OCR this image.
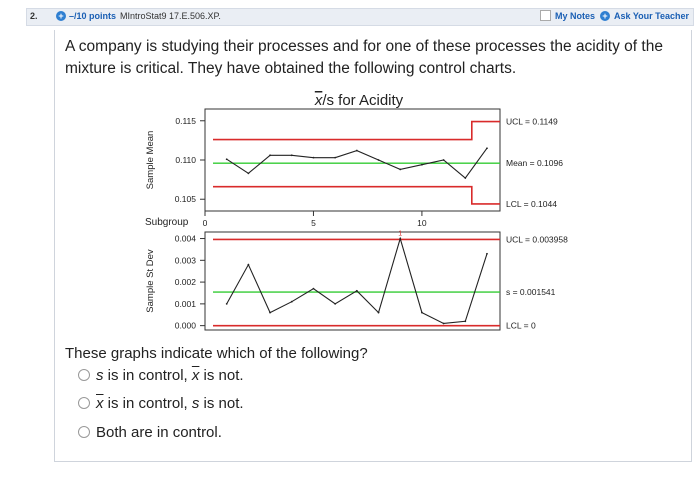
2. + –/10 points MIntroStat9 17.E.506.XP.	My Notes + Ask Your Teacher
A company is studying their processes and for one of these processes the acidity of the mixture is critical. They have obtained the following control charts.
x/s for Acidity
0.115
0.110
0.105
Sample Mean
UCL = 0.1149
Mean = 0.1096
LCL = 0.1044
0	5	10
Subgroup
0.004
0.003
0.002
0.001
0.000
Sample St Dev
UCL = 0.003958
s = 0.001541
LCL = 0
1
These graphs indicate which of the following?
s is in control, $\overline{x}$ is not.
$\overline{x}$ is in control, s is not.
Both are in control.
